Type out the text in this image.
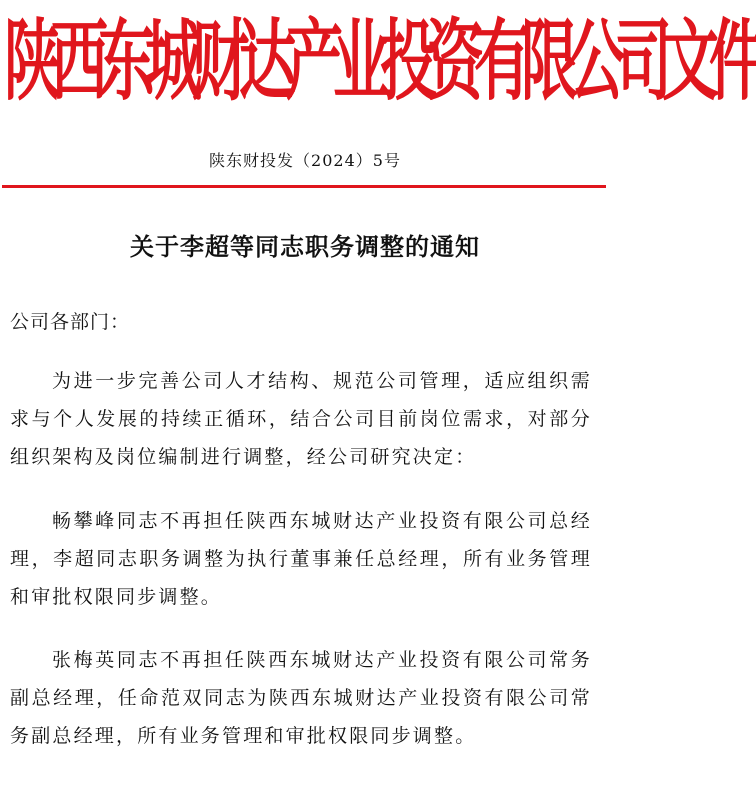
陕西东城财达产业投资有限公司文件
陕东财投发（2024）5号
关于李超等同志职务调整的通知
公司各部门：

为进一步完善公司人才结构、规范公司管理，适应组织需求与个人发展的持续正循环，结合公司目前岗位需求，对部分组织架构及岗位编制进行调整，经公司研究决定：

畅攀峰同志不再担任陕西东城财达产业投资有限公司总经理，李超同志职务调整为执行董事兼任总经理，所有业务管理和审批权限同步调整。

张梅英同志不再担任陕西东城财达产业投资有限公司常务副总经理，任命范双同志为陕西东城财达产业投资有限公司常务副总经理，所有业务管理和审批权限同步调整。
